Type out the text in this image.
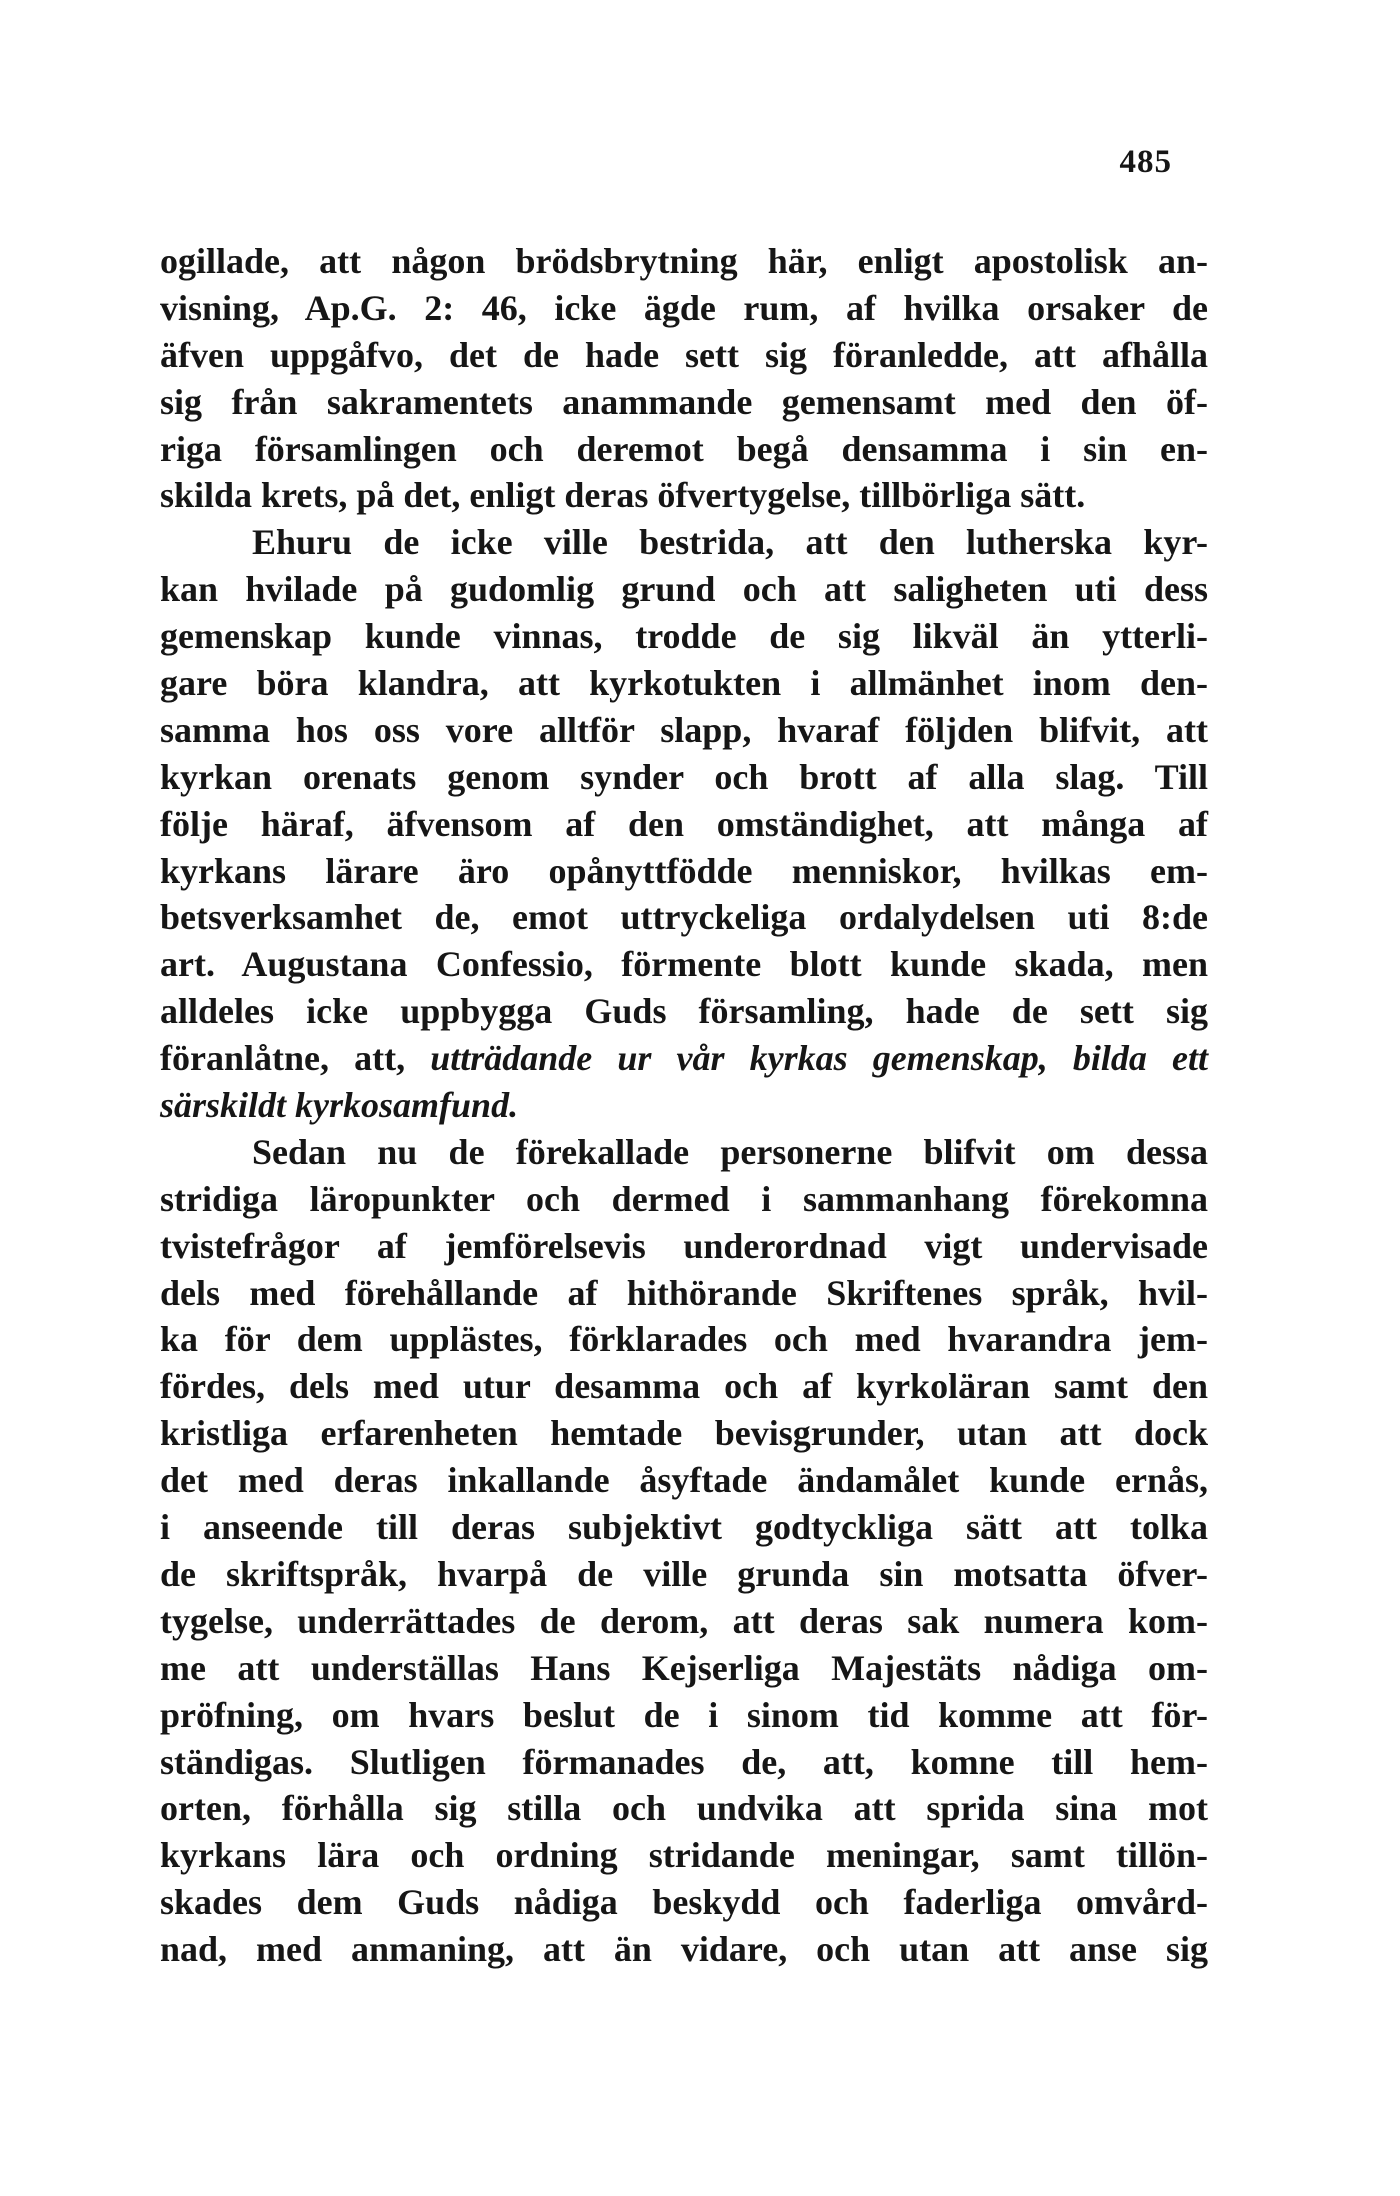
485
ogillade, att någon brödsbrytning här, enligt apostolisk an-
visning, Ap.G. 2: 46, icke ägde rum, af hvilka orsaker de
äfven uppgåfvo, det de hade sett sig föranledde, att afhålla
sig från sakramentets anammande gemensamt med den öf-
riga församlingen och deremot begå densamma i sin en-
skilda krets, på det, enligt deras öfvertygelse, tillbörliga sätt.
Ehuru de icke ville bestrida, att den lutherska kyr-
kan hvilade på gudomlig grund och att saligheten uti dess
gemenskap kunde vinnas, trodde de sig likväl än ytterli-
gare böra klandra, att kyrkotukten i allmänhet inom den-
samma hos oss vore alltför slapp, hvaraf följden blifvit, att
kyrkan orenats genom synder och brott af alla slag. Till
följe häraf, äfvensom af den omständighet, att många af
kyrkans lärare äro opånyttfödde menniskor, hvilkas em-
betsverksamhet de, emot uttryckeliga ordalydelsen uti 8:de
art. Augustana Confessio, förmente blott kunde skada, men
alldeles icke uppbygga Guds församling, hade de sett sig
föranlåtne, att, utträdande ur vår kyrkas gemenskap, bilda ett
särskildt kyrkosamfund.
Sedan nu de förekallade personerne blifvit om dessa
stridiga läropunkter och dermed i sammanhang förekomna
tvistefrågor af jemförelsevis underordnad vigt undervisade
dels med förehållande af hithörande Skriftenes språk, hvil-
ka för dem upplästes, förklarades och med hvarandra jem-
fördes, dels med utur desamma och af kyrkoläran samt den
kristliga erfarenheten hemtade bevisgrunder, utan att dock
det med deras inkallande åsyftade ändamålet kunde ernås,
i anseende till deras subjektivt godtyckliga sätt att tolka
de skriftspråk, hvarpå de ville grunda sin motsatta öfver-
tygelse, underrättades de derom, att deras sak numera kom-
me att underställas Hans Kejserliga Majestäts nådiga om-
pröfning, om hvars beslut de i sinom tid komme att för-
ständigas. Slutligen förmanades de, att, komne till hem-
orten, förhålla sig stilla och undvika att sprida sina mot
kyrkans lära och ordning stridande meningar, samt tillön-
skades dem Guds nådiga beskydd och faderliga omvård-
nad, med anmaning, att än vidare, och utan att anse sig
